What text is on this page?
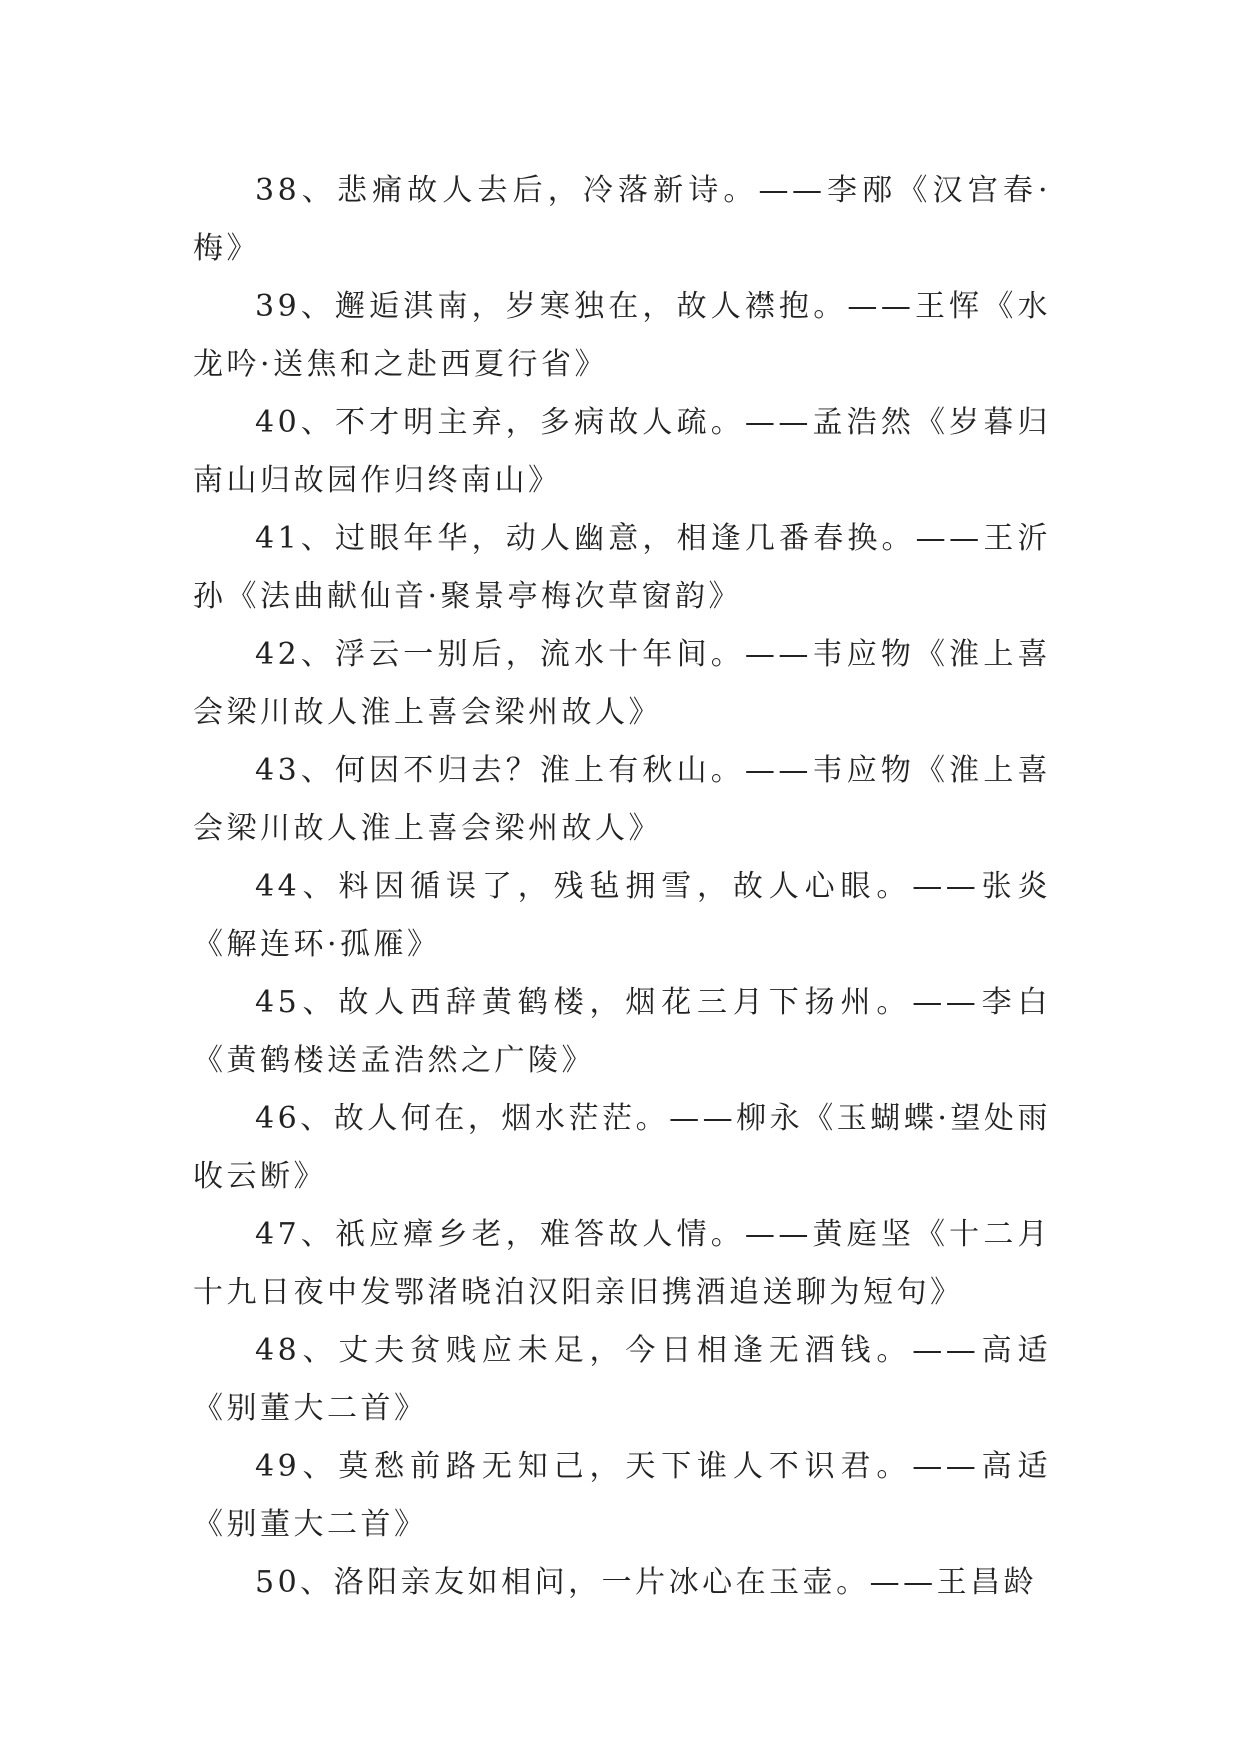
38、悲痛故人去后，冷落新诗。——李邴《汉宫春·梅》

39、邂逅淇南，岁寒独在，故人襟抱。——王恽《水龙吟·送焦和之赴西夏行省》

40、不才明主弃，多病故人疏。——孟浩然《岁暮归南山归故园作归终南山》

41、过眼年华，动人幽意，相逢几番春换。——王沂孙《法曲献仙音·聚景亭梅次草窗韵》

42、浮云一别后，流水十年间。——韦应物《淮上喜会梁川故人淮上喜会梁州故人》

43、何因不归去？淮上有秋山。——韦应物《淮上喜会梁川故人淮上喜会梁州故人》

44、料因循误了，残毡拥雪，故人心眼。——张炎《解连环·孤雁》

45、故人西辞黄鹤楼，烟花三月下扬州。——李白《黄鹤楼送孟浩然之广陵》

46、故人何在，烟水茫茫。——柳永《玉蝴蝶·望处雨收云断》

47、祇应瘴乡老，难答故人情。——黄庭坚《十二月十九日夜中发鄂渚晓泊汉阳亲旧携酒追送聊为短句》

48、丈夫贫贱应未足，今日相逢无酒钱。——高适《别董大二首》

49、莫愁前路无知己，天下谁人不识君。——高适《别董大二首》

50、洛阳亲友如相问，一片冰心在玉壶。——王昌龄
